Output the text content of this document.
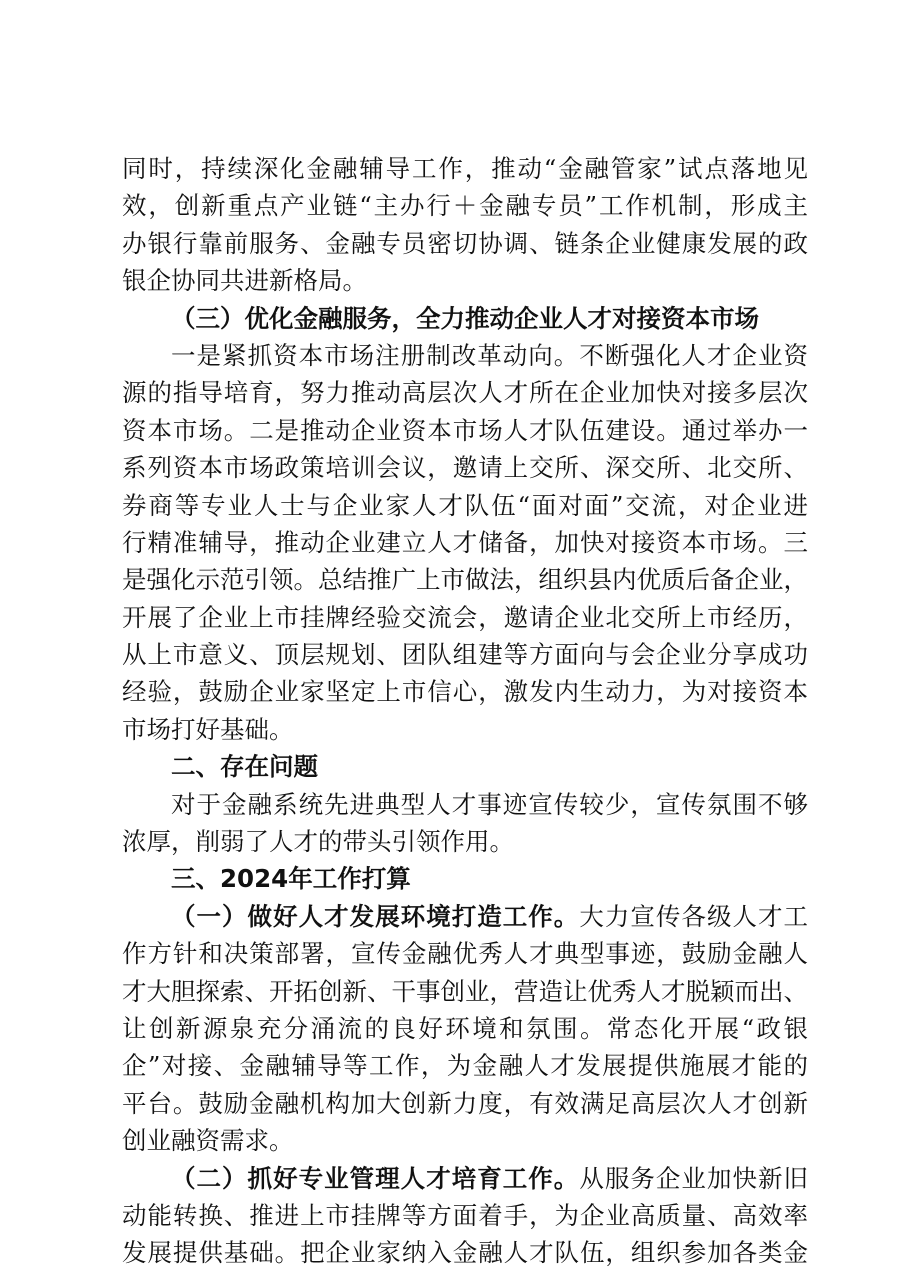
同时，持续深化金融辅导工作，推动“金融管家”试点落地见
效，创新重点产业链“主办行＋金融专员”工作机制，形成主
办银行靠前服务、金融专员密切协调、链条企业健康发展的政
银企协同共进新格局。
（三）优化金融服务，全力推动企业人才对接资本市场
一是紧抓资本市场注册制改革动向。不断强化人才企业资
源的指导培育，努力推动高层次人才所在企业加快对接多层次
资本市场。二是推动企业资本市场人才队伍建设。通过举办一
系列资本市场政策培训会议，邀请上交所、深交所、北交所、
券商等专业人士与企业家人才队伍“面对面”交流，对企业进
行精准辅导，推动企业建立人才储备，加快对接资本市场。三
是强化示范引领。总结推广上市做法，组织县内优质后备企业，
开展了企业上市挂牌经验交流会，邀请企业北交所上市经历，
从上市意义、顶层规划、团队组建等方面向与会企业分享成功
经验，鼓励企业家坚定上市信心，激发内生动力，为对接资本
市场打好基础。
二、存在问题
对于金融系统先进典型人才事迹宣传较少，宣传氛围不够
浓厚，削弱了人才的带头引领作用。
三、2024年工作打算
（一）做好人才发展环境打造工作。大力宣传各级人才工
作方针和决策部署，宣传金融优秀人才典型事迹，鼓励金融人
才大胆探索、开拓创新、干事创业，营造让优秀人才脱颖而出、
让创新源泉充分涌流的良好环境和氛围。常态化开展“政银
企”对接、金融辅导等工作，为金融人才发展提供施展才能的
平台。鼓励金融机构加大创新力度，有效满足高层次人才创新
创业融资需求。
（二）抓好专业管理人才培育工作。从服务企业加快新旧
动能转换、推进上市挂牌等方面着手，为企业高质量、高效率
发展提供基础。把企业家纳入金融人才队伍，组织参加各类金
